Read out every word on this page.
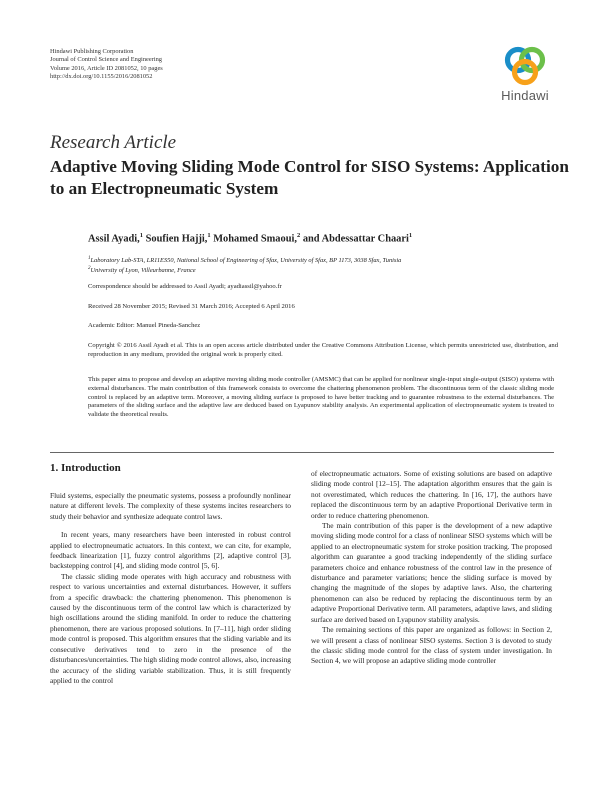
Hindawi Publishing Corporation
Journal of Control Science and Engineering
Volume 2016, Article ID 2081052, 10 pages
http://dx.doi.org/10.1155/2016/2081052
Hindawi
Research Article
Adaptive Moving Sliding Mode Control for SISO Systems: Application to an Electropneumatic System
Assil Ayadi,$^1$ Soufien Hajji,$^1$ Mohamed Smaoui,$^2$ and Abdessattar Chaari$^1$
$^1$Laboratory Lab-STA, LR11ES50, National School of Engineering of Sfax, University of Sfax, BP 1173, 3038 Sfax, Tunisia
$^2$University of Lyon, Villeurbanne, France
Correspondence should be addressed to Assil Ayadi; ayadiassil@yahoo.fr
Received 28 November 2015; Revised 31 March 2016; Accepted 6 April 2016
Academic Editor: Manuel Pineda-Sanchez
Copyright © 2016 Assil Ayadi et al. This is an open access article distributed under the Creative Commons Attribution License, which permits unrestricted use, distribution, and reproduction in any medium, provided the original work is properly cited.
This paper aims to propose and develop an adaptive moving sliding mode controller (AMSMC) that can be applied for nonlinear single-input single-output (SISO) systems with external disturbances. The main contribution of this framework consists to overcome the chattering phenomenon problem. The discontinuous term of the classic sliding mode control is replaced by an adaptive term. Moreover, a moving sliding surface is proposed to have better tracking and to guarantee robustness to the external disturbances. The parameters of the sliding surface and the adaptive law are deduced based on Lyapunov stability analysis. An experimental application of electropneumatic system is treated to validate the theoretical results.
1. Introduction

Fluid systems, especially the pneumatic systems, possess a profoundly nonlinear nature at different levels. The complexity of these systems incites researchers to study their behavior and synthesize adequate control laws.

In recent years, many researchers have been interested in robust control applied to electropneumatic actuators. In this context, we can cite, for example, feedback linearization [1], fuzzy control algorithms [2], adaptive control [3], backstepping control [4], and sliding mode control [5, 6].

The classic sliding mode operates with high accuracy and robustness with respect to various uncertainties and external disturbances. However, it suffers from a specific drawback: the chattering phenomenon. This phenomenon is caused by the discontinuous term of the control law which is characterized by high oscillations around the sliding manifold. In order to reduce the chattering phenomenon, there are various proposed solutions. In [7–11], high order sliding mode control is proposed. This algorithm ensures that the sliding variable and its consecutive derivatives tend to zero in the presence of the disturbances/uncertainties. The high sliding mode control allows, also, increasing the accuracy of the sliding variable stabilization. Thus, it is still frequently applied to the control

of electropneumatic actuators. Some of existing solutions are based on adaptive sliding mode control [12–15]. The adaptation algorithm ensures that the gain is not overestimated, which reduces the chattering. In [16, 17], the authors have replaced the discontinuous term by an adaptive Proportional Derivative term in order to reduce chattering phenomenon.

The main contribution of this paper is the development of a new adaptive moving sliding mode control for a class of nonlinear SISO systems which will be applied to an electropneumatic system for stroke position tracking. The proposed algorithm can guarantee a good tracking independently of the sliding surface parameters choice and enhance robustness of the control law in the presence of disturbance and parameter variations; hence the sliding surface is moved by changing the magnitude of the slopes by adaptive laws. Also, the chartering phenomenon can also be reduced by replacing the discontinuous term by an adaptive Proportional Derivative term. All parameters, adaptive laws, and sliding surface are derived based on Lyapunov stability analysis.

The remaining sections of this paper are organized as follows: in Section 2, we will present a class of nonlinear SISO systems. Section 3 is devoted to study the classic sliding mode control for the class of system under investigation. In Section 4, we will propose an adaptive sliding mode controller
